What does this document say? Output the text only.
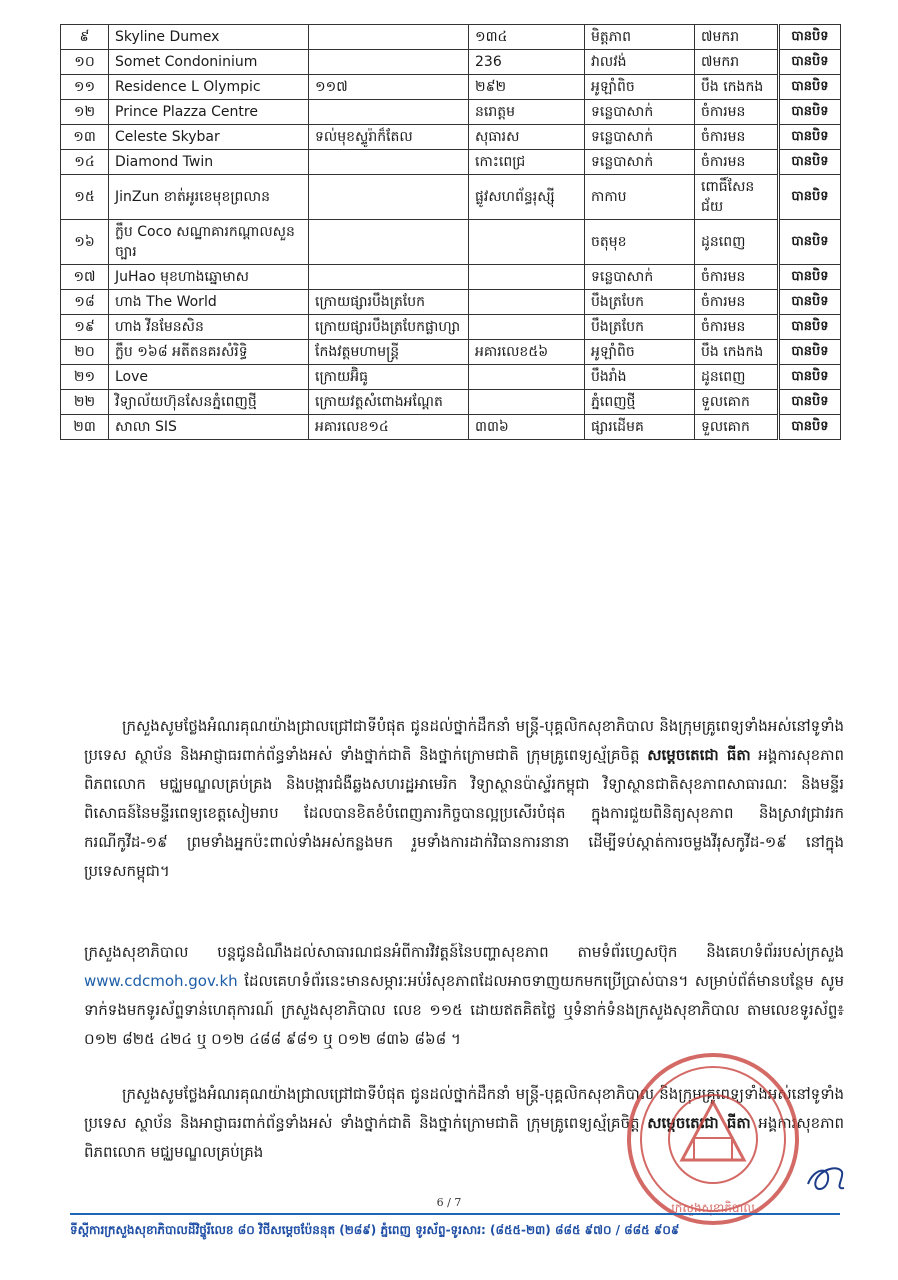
៩	Skyline Dumex		១៣៤	មិត្តភាព	៧មករា	បានបិទ
១០	Somet Condoninium		236	វាលវង់	៧មករា	បានបិទ
១១	Residence L Olympic	១១៧	២៩២	អូឡាំពិច	បឹង កេងកង	បានបិទ
១២	Prince Plazza Centre		នរោត្តម	ទន្លេបាសាក់	ចំការមន	បានបិទ
១៣	Celeste Skybar	ទល់មុខស្ទូរ៉ាក៏តែល	សុធារស	ទន្លេបាសាក់	ចំការមន	បានបិទ
១៤	Diamond Twin		កោះពេជ្រ	ទន្លេបាសាក់	ចំការមន	បានបិទ
១៥	JinZun ខាត់អូរខេមុខព្រលាន		ផ្លូវសហព័ន្ធរុស្ស៊ី	កាកាប	ពោធិ៍សែន ជ័យ	បានបិទ
១៦	ក្លឹប Coco សណ្ឋាគារកណ្ដាលសួនច្បារ			ចតុមុខ	ដូនពេញ	បានបិទ
១៧	JuHao មុខហាងឆ្នោមាស			ទន្លេបាសាក់	ចំការមន	បានបិទ
១៨	ហាង The World	ក្រោយផ្សារបឹងត្របែក		បឹងត្របែក	ចំការមន	បានបិទ
១៩	ហាង វីនមែនសិន	ក្រោយផ្សារបឹងត្របែកផ្លាហ្សា		បឹងត្របែក	ចំការមន	បានបិទ
២០	ក្លឹប ១៦៨ អតីតនគរសំរិទ្ធិ	កែងវត្តមហាមន្ត្រី	អគារលេខ៥៦	អូឡាំពិច	បឹង កេងកង	បានបិទ
២១	Love	ក្រោយអ៊ិធូ		បឹងរាំង	ដូនពេញ	បានបិទ
២២	វិទ្យាល័យហ៊ុនសែនភ្នំពេញថ្មី	ក្រោយវត្តសំពោងអណ្តែត		ភ្នំពេញថ្មី	ទួលគោក	បានបិទ
២៣	សាលា SIS	អគារលេខ១៤	៣៣៦	ផ្សារដើមគ	ទួលគោក	បានបិទ
ក្រសួងសូមថ្លែងអំណរគុណយ៉ាងជ្រាលជ្រៅជាទីបំផុត ជូនដល់ថ្នាក់ដឹកនាំ មន្ត្រី-បុគ្គលិកសុខាភិបាល និងក្រុមគ្រូពេទ្យទាំងអស់នៅទូទាំងប្រទេស ស្ថាប័ន និងអាជ្ញាធរពាក់ព័ន្ធទាំងអស់ ទាំងថ្នាក់ជាតិ និងថ្នាក់ក្រោមជាតិ ក្រុមគ្រូពេទ្យស្ម័គ្រចិត្ត សម្តេចតេជោ ធីតា អង្គការសុខភាពពិភពលោក មជ្ឈមណ្ឌលគ្រប់គ្រង និងបង្ការជំងឺឆ្លងសហរដ្ឋអាមេរិក វិទ្យាស្ថានប៉ាស្ទ័រកម្ពុជា វិទ្យាស្ថានជាតិសុខភាពសាធារណៈ និងមន្ទីរពិសោធន៍នៃមន្ទីរពេទ្យខេត្តសៀមរាប ដែលបានខិតខំបំពេញភារកិច្ចបានល្អប្រសើរបំផុត ក្នុងការជួយពិនិត្យសុខភាព និងស្រាវជ្រាវរកករណីកូវីដ-១៩ ព្រមទាំងអ្នកប៉ះពាល់ទាំងអស់កន្លងមក រួមទាំងការដាក់វិធានការនានា ដើម្បីទប់ស្កាត់ការចម្លងវីរុសកូវីដ-១៩ នៅក្នុងប្រទេសកម្ពុជា។
ក្រសួងសុខាភិបាល បន្តជូនដំណឹងដល់សាធារណជនអំពីការវិវត្តន៍នៃបញ្ហាសុខភាព តាមទំព័រហ្វេសប៊ុក និងគេហទំព័ររបស់ក្រសួង www.cdcmoh.gov.kh ដែលគេហទំព័រនេះមានសម្ភារៈអប់រំសុខភាពដែលអាចទាញយកមកប្រើប្រាស់បាន។ សម្រាប់ព័ត៌មានបន្ថែម សូមទាក់ទងមកទូរស័ព្ទទាន់ហេតុការណ៍ ក្រសួងសុខាភិបាល លេខ ១១៥ ដោយឥតគិតថ្លៃ ឬទំនាក់ទំនងក្រសួងសុខាភិបាល តាមលេខទូរស័ព្ទ៖ ០១២ ៨២៥ ៤២៤ ឬ ០១២ ៤៨៨ ៩៨១ ឬ ០១២ ៨៣៦ ៨៦៨ ។
ក្រសួងសូមថ្លែងអំណរគុណយ៉ាងជ្រាលជ្រៅជាទីបំផុត ជូនដល់ថ្នាក់ដឹកនាំ មន្ត្រី-បុគ្គលិកសុខាភិបាល និងក្រុមគ្រូពេទ្យទាំងអស់នៅទូទាំងប្រទេស ស្ថាប័ន និងអាជ្ញាធរពាក់ព័ន្ធទាំងអស់ ទាំងថ្នាក់ជាតិ និងថ្នាក់ក្រោមជាតិ ក្រុមគ្រូពេទ្យស្ម័គ្រចិត្ត សម្តេចតេជោ ធីតា អង្គការសុខភាពពិភពលោក មជ្ឈមណ្ឌលគ្រប់គ្រង
ក្រសួងសុខាភិបាល
6 / 7
ទីស្តីការក្រសួងសុខាភិបាលដីវិថ្នូរីលេខ ៨០ វិថីសម្តេចប៉ែននុត (២៨៩) ភ្នំពេញ ទូរស័ព្ទ-ទូរសារ: (៨៥៥-២៣) ៨៨៥ ៩៧០ / ៨៨៥ ៩០៩
